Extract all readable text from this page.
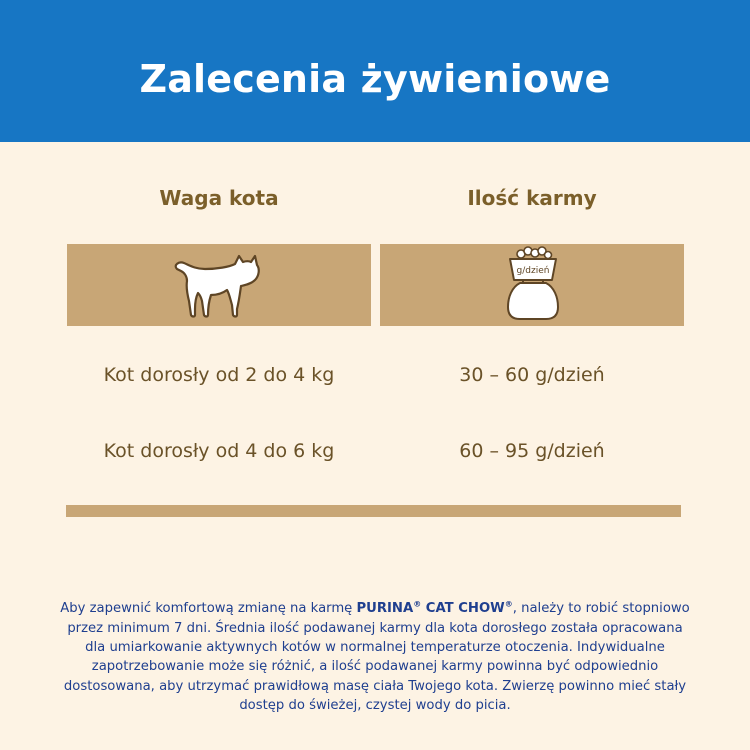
Zalecenia żywieniowe
Waga kota	Ilość karmy
g/dzień
Kot dorosły od 2 do 4 kg	30 – 60 g/dzień
Kot dorosły od 4 do 6 kg	60 – 95 g/dzień

Aby zapewnić komfortową zmianę na karmę PURINA® CAT CHOW®, należy to robić stopniowo przez minimum 7 dni. Średnia ilość podawanej karmy dla kota dorosłego została opracowana dla umiarkowanie aktywnych kotów w normalnej temperaturze otoczenia. Indywidualne zapotrzebowanie może się różnić, a ilość podawanej karmy powinna być odpowiednio dostosowana, aby utrzymać prawidłową masę ciała Twojego kota. Zwierzę powinno mieć stały dostęp do świeżej, czystej wody do picia.
